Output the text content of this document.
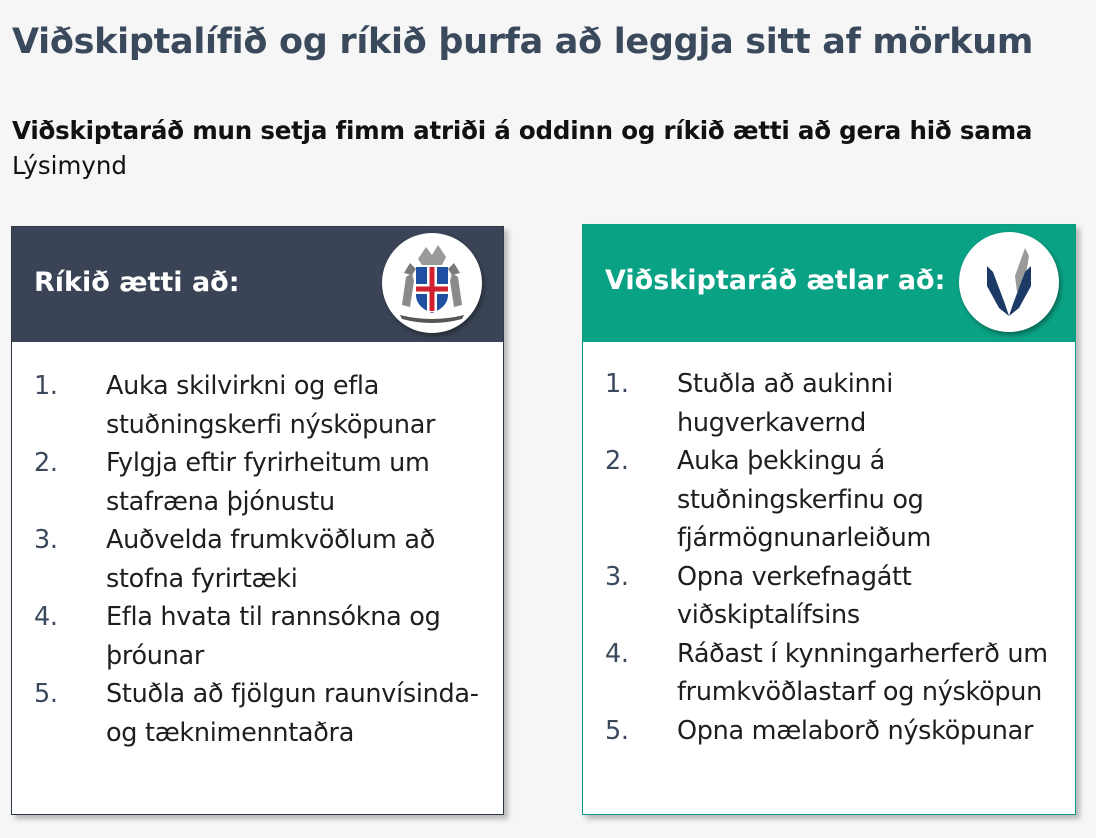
Viðskiptalífið og ríkið þurfa að leggja sitt af mörkum
Viðskiptaráð mun setja fimm atriði á oddinn og ríkið ætti að gera hið sama
Lýsimynd
Ríkið ætti að:
1. Auka skilvirkni og efla stuðningskerfi nýsköpunar
2. Fylgja eftir fyrirheitum um stafræna þjónustu
3. Auðvelda frumkvöðlum að stofna fyrirtæki
4. Efla hvata til rannsókna og þróunar
5. Stuðla að fjölgun raunvísinda- og tæknimenntaðra
Viðskiptaráð ætlar að:
1. Stuðla að aukinni hugverkavernd
2. Auka þekkingu á stuðningskerfinu og fjármögnunarleiðum
3. Opna verkefnagátt viðskiptalífsins
4. Ráðast í kynningarherferð um frumkvöðlastarf og nýsköpun
5. Opna mælaborð nýsköpunar
